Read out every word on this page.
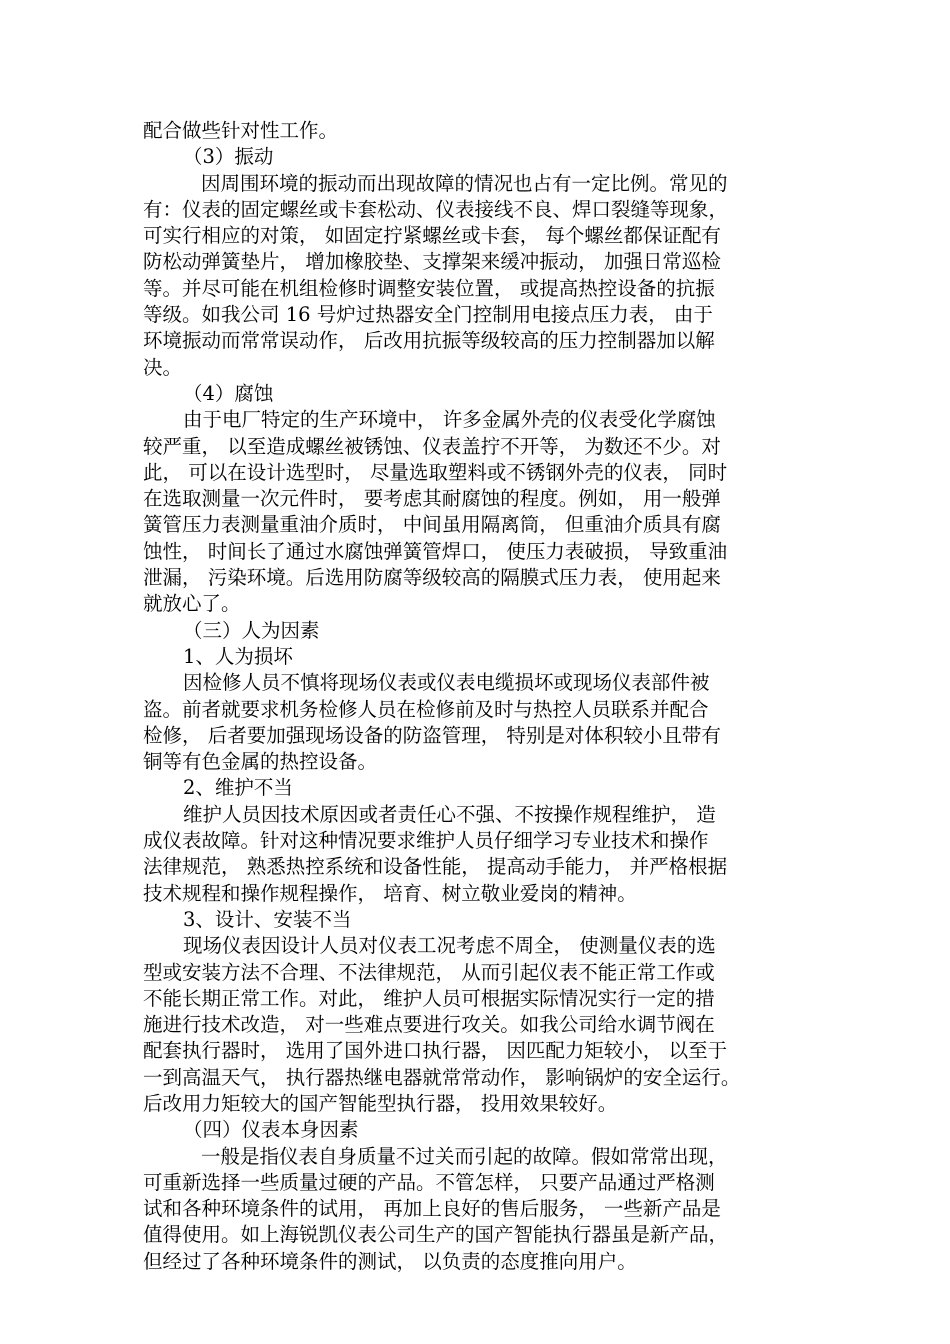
配合做些针对性工作。
（3）振动
因周围环境的振动而出现故障的情况也占有一定比例。常见的
有：仪表的固定螺丝或卡套松动、仪表接线不良、焊口裂缝等现象，
可实行相应的对策， 如固定拧紧螺丝或卡套， 每个螺丝都保证配有
防松动弹簧垫片， 增加橡胶垫、支撑架来缓冲振动， 加强日常巡检
等。并尽可能在机组检修时调整安装位置， 或提高热控设备的抗振
等级。如我公司 16 号炉过热器安全门控制用电接点压力表， 由于
环境振动而常常误动作， 后改用抗振等级较高的压力控制器加以解
决。
（4）腐蚀
由于电厂特定的生产环境中， 许多金属外壳的仪表受化学腐蚀
较严重， 以至造成螺丝被锈蚀、仪表盖拧不开等， 为数还不少。对
此， 可以在设计选型时， 尽量选取塑料或不锈钢外壳的仪表， 同时
在选取测量一次元件时， 要考虑其耐腐蚀的程度。例如， 用一般弹
簧管压力表测量重油介质时， 中间虽用隔离筒， 但重油介质具有腐
蚀性， 时间长了通过水腐蚀弹簧管焊口， 使压力表破损， 导致重油
泄漏， 污染环境。后选用防腐等级较高的隔膜式压力表， 使用起来
就放心了。
（三）人为因素
1、人为损坏
因检修人员不慎将现场仪表或仪表电缆损坏或现场仪表部件被
盗。前者就要求机务检修人员在检修前及时与热控人员联系并配合
检修， 后者要加强现场设备的防盗管理， 特别是对体积较小且带有
铜等有色金属的热控设备。
2、维护不当
维护人员因技术原因或者责任心不强、不按操作规程维护， 造
成仪表故障。针对这种情况要求维护人员仔细学习专业技术和操作
法律规范， 熟悉热控系统和设备性能， 提高动手能力， 并严格根据
技术规程和操作规程操作， 培育、树立敬业爱岗的精神。
3、设计、安装不当
现场仪表因设计人员对仪表工况考虑不周全， 使测量仪表的选
型或安装方法不合理、不法律规范， 从而引起仪表不能正常工作或
不能长期正常工作。对此， 维护人员可根据实际情况实行一定的措
施进行技术改造， 对一些难点要进行攻关。如我公司给水调节阀在
配套执行器时， 选用了国外进口执行器， 因匹配力矩较小， 以至于
一到高温天气， 执行器热继电器就常常动作， 影响锅炉的安全运行。
后改用力矩较大的国产智能型执行器， 投用效果较好。
（四）仪表本身因素
一般是指仪表自身质量不过关而引起的故障。假如常常出现，
可重新选择一些质量过硬的产品。不管怎样， 只要产品通过严格测
试和各种环境条件的试用， 再加上良好的售后服务， 一些新产品是
值得使用。如上海锐凯仪表公司生产的国产智能执行器虽是新产品，
但经过了各种环境条件的测试， 以负责的态度推向用户。
